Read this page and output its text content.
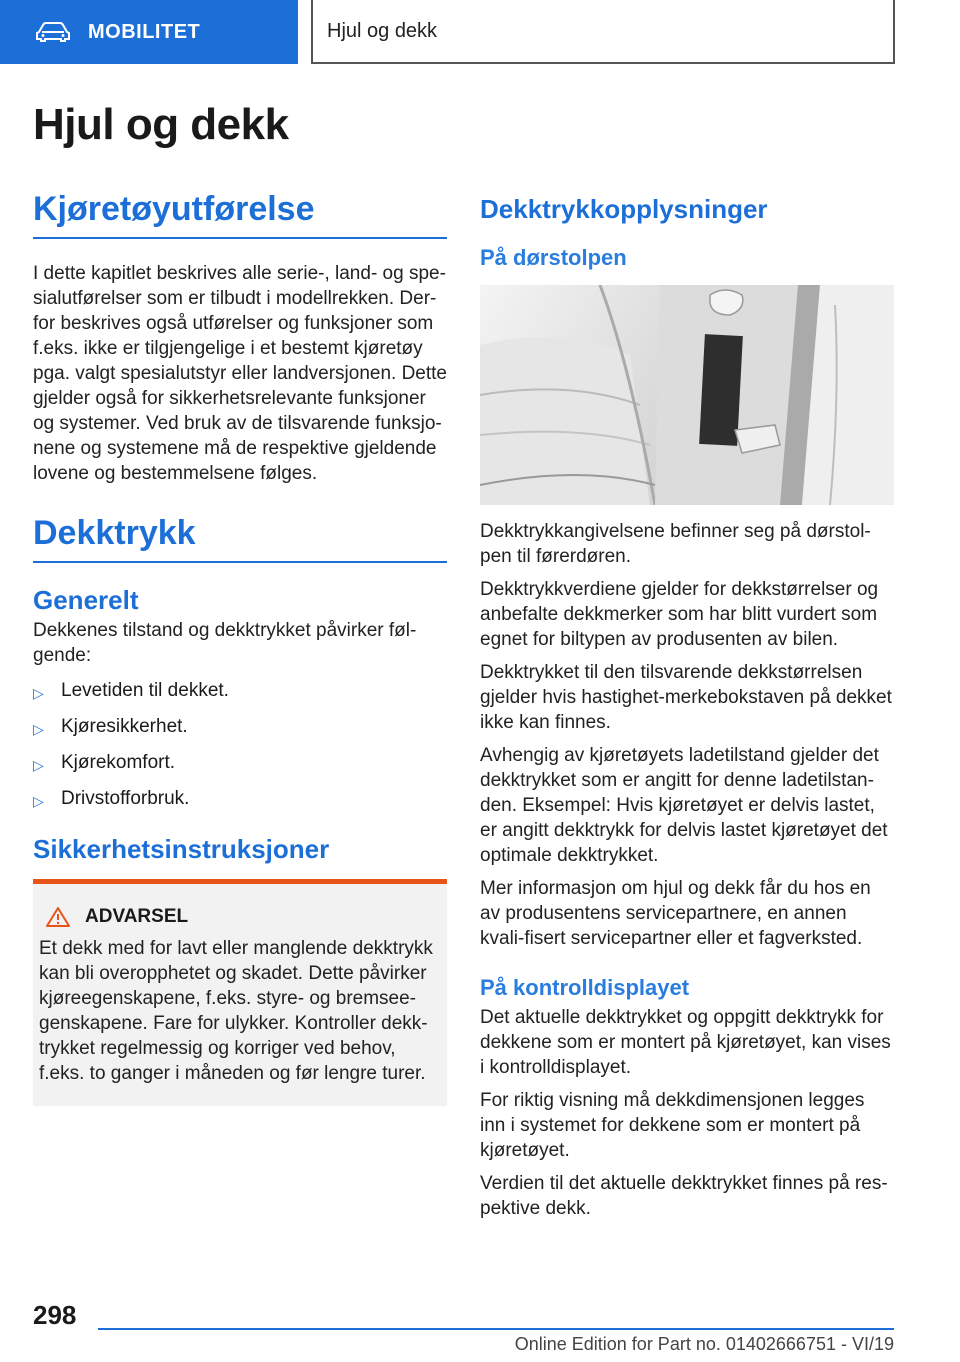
MOBILITET	Hjul og dekk
Hjul og dekk
Kjøretøyutførelse
I dette kapitlet beskrives alle serie-, land- og spe-sialutførelser som er tilbudt i modellrekken. Der-for beskrives også utførelser og funksjoner som f.eks. ikke er tilgjengelige i et bestemt kjøretøy pga. valgt spesialutstyr eller landversjonen. Dette gjelder også for sikkerhetsrelevante funksjoner og systemer. Ved bruk av de tilsvarende funksjo-nene og systemene må de respektive gjeldende lovene og bestemmelsene følges.
Dekktrykk
Generelt
Dekkenes tilstand og dekktrykket påvirker føl-gende:
▷ Levetiden til dekket.
▷ Kjøresikkerhet.
▷ Kjørekomfort.
▷ Drivstofforbruk.
Sikkerhetsinstruksjoner
ADVARSEL
Et dekk med for lavt eller manglende dekktrykk kan bli overopphetet og skadet. Dette påvirker kjøreegenskapene, f.eks. styre- og bremsee-genskapene. Fare for ulykker. Kontroller dekk-trykket regelmessig og korriger ved behov, f.eks. to ganger i måneden og før lengre turer.
Dekktrykkopplysninger
På dørstolpen
Dekktrykkangivelsene befinner seg på dørstol-pen til førerdøren.
Dekktrykkverdiene gjelder for dekkstørrelser og anbefalte dekkmerker som har blitt vurdert som egnet for biltypen av produsenten av bilen.
Dekktrykket til den tilsvarende dekkstørrelsen gjelder hvis hastighet-merkebokstaven på dekket ikke kan finnes.
Avhengig av kjøretøyets ladetilstand gjelder det dekktrykket som er angitt for denne ladetilstan-den. Eksempel: Hvis kjøretøyet er delvis lastet, er angitt dekktrykk for delvis lastet kjøretøyet det optimale dekktrykket.
Mer informasjon om hjul og dekk får du hos en av produsentens servicepartnere, en annen kvali-fisert servicepartner eller et fagverksted.
På kontrolldisplayet
Det aktuelle dekktrykket og oppgitt dekktrykk for dekkene som er montert på kjøretøyet, kan vises i kontrolldisplayet.
For riktig visning må dekkdimensjonen legges inn i systemet for dekkene som er montert på kjøretøyet.
Verdien til det aktuelle dekktrykket finnes på res-pektive dekk.
298
Online Edition for Part no. 01402666751 - VI/19
